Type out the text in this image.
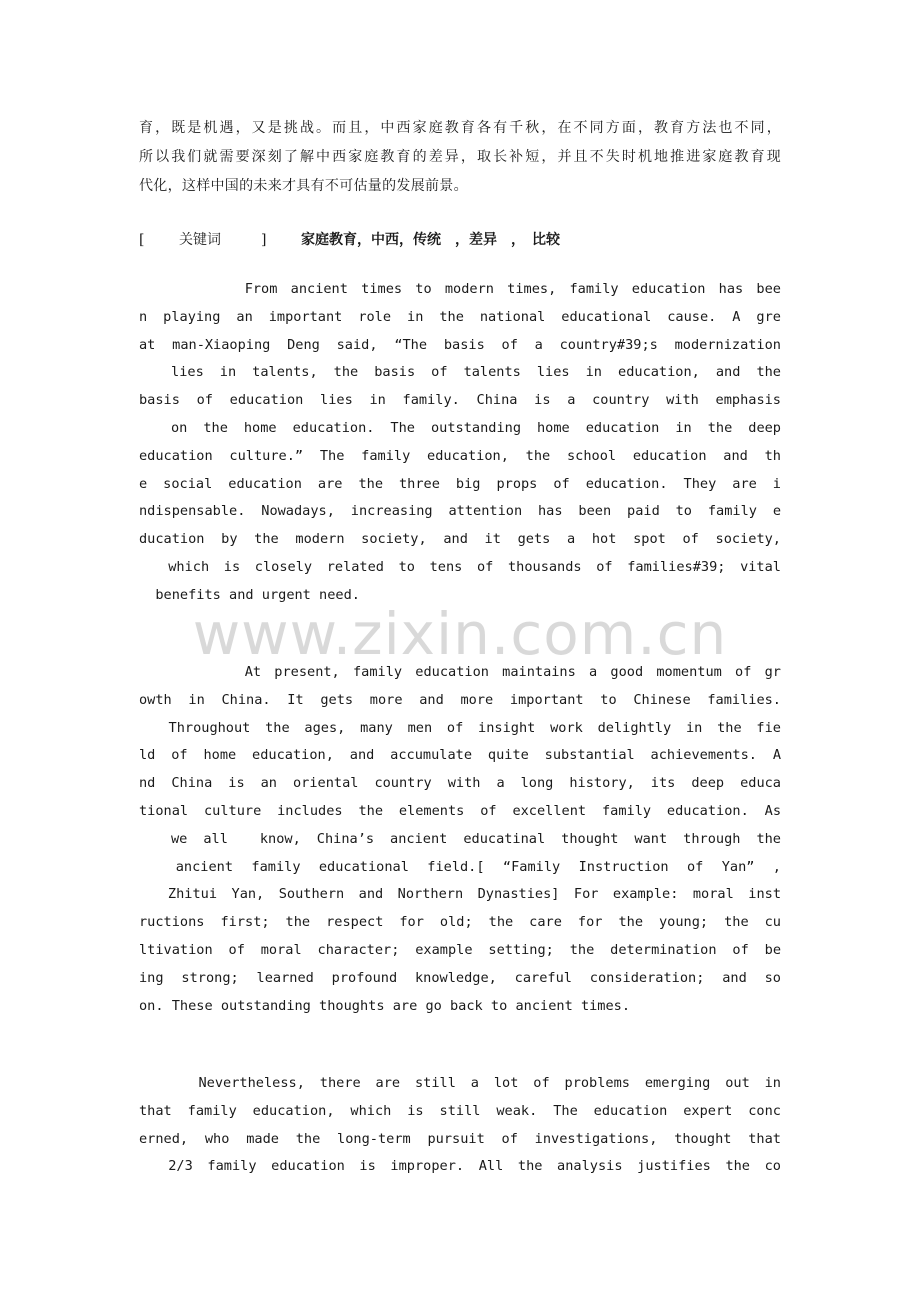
育，既是机遇，又是挑战。而且，中西家庭教育各有千秋，在不同方面，教育方法也不同，
所以我们就需要深刻了解中西家庭教育的差异，取长补短，并且不失时机地推进家庭教育现
代化，这样中国的未来才具有不可估量的发展前景。
[ 关键词	] 家庭教育，中西，传统　，差异　，　比较
From ancient times to modern times, family education has bee
n playing an important role in the national educational cause. A gre
at man-Xiaoping Deng said, “The basis of a country#39;s modernization
lies in talents, the basis of talents lies in education, and the
basis of education lies in family. China is a country with emphasis
on the home education. The outstanding home education in the deep
education culture.” The family education, the school education and th
e social education are the three big props of education. They are i
ndispensable. Nowadays, increasing attention has been paid to family e
ducation by the modern society, and it gets a hot spot of society,
which is closely related to tens of thousands of families#39; vital
benefits and urgent need.
www.zixin.com.cn
At present, family education maintains a good momentum of gr
owth in China. It gets more and more important to Chinese families.
Throughout the ages, many men of insight work delightly in the fie
ld of home education, and accumulate quite substantial achievements. A
nd China is an oriental country with a long history, its deep educa
tional culture includes the elements of excellent family education. As
we all  know, China’s ancient educatinal thought want through the
ancient family educational field.[ “Family Instruction of Yan” ,
Zhitui Yan, Southern and Northern Dynasties] For example: moral inst
ructions first; the respect for old; the care for the young; the cu
ltivation of moral character; example setting; the determination of be
ing strong; learned profound knowledge, careful consideration; and so
on. These outstanding thoughts are go back to ancient times.
Nevertheless, there are still a lot of problems emerging out in
that family education, which is still weak. The education expert conc
erned, who made the long-term pursuit of investigations, thought that
2/3 family education is improper. All the analysis justifies the co
